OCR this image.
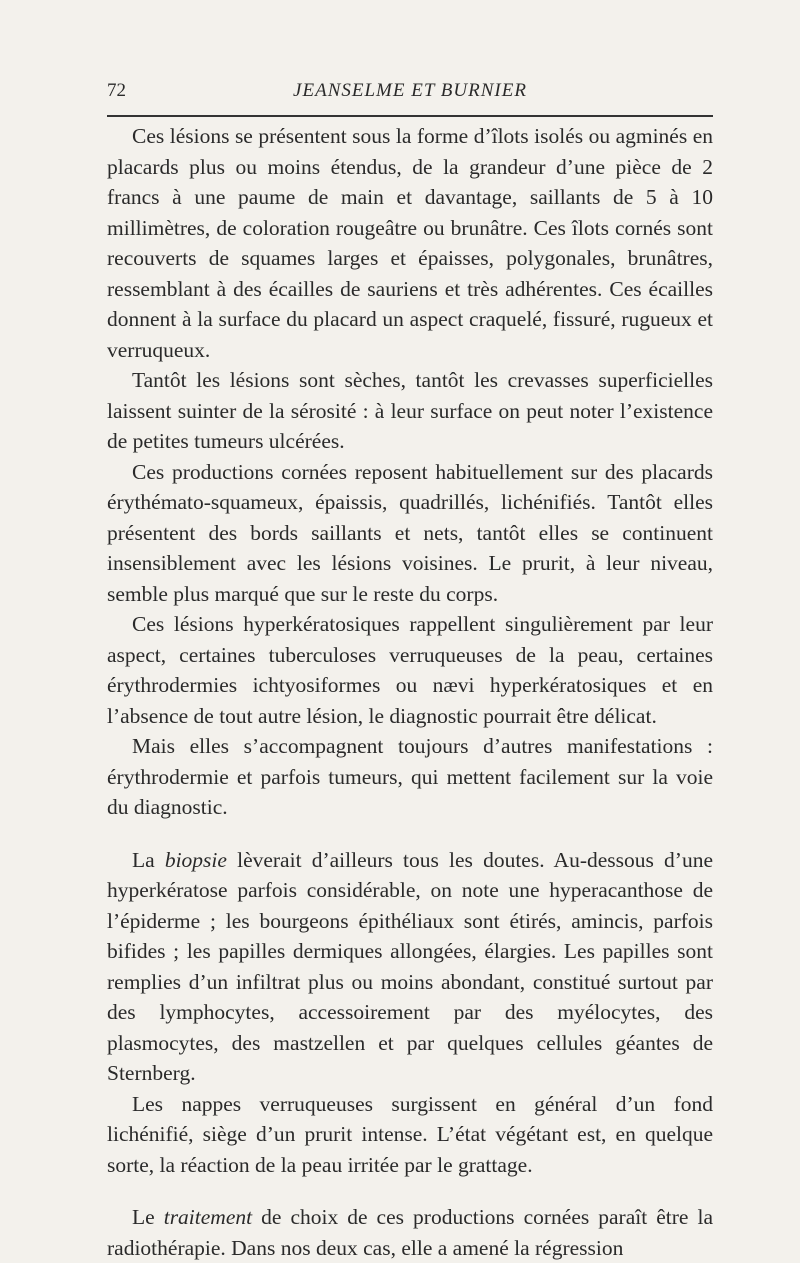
72	JEANSELME ET BURNIER

Ces lésions se présentent sous la forme d’îlots isolés ou agminés en placards plus ou moins étendus, de la grandeur d’une pièce de 2 francs à une paume de main et davantage, saillants de 5 à 10 millimètres, de coloration rougeâtre ou brunâtre. Ces îlots cornés sont recouverts de squames larges et épaisses, polygonales, brunâtres, ressemblant à des écailles de sauriens et très adhérentes. Ces écailles donnent à la surface du placard un aspect craquelé, fissuré, rugueux et verruqueux.

Tantôt les lésions sont sèches, tantôt les crevasses superficielles laissent suinter de la sérosité : à leur surface on peut noter l’existence de petites tumeurs ulcérées.

Ces productions cornées reposent habituellement sur des placards érythémato-squameux, épaissis, quadrillés, lichénifiés. Tantôt elles présentent des bords saillants et nets, tantôt elles se continuent insensiblement avec les lésions voisines. Le prurit, à leur niveau, semble plus marqué que sur le reste du corps.

Ces lésions hyperkératosiques rappellent singulièrement par leur aspect, certaines tuberculoses verruqueuses de la peau, certaines érythrodermies ichtyosiformes ou nævi hyperkératosiques et en l’absence de tout autre lésion, le diagnostic pourrait être délicat.

Mais elles s’accompagnent toujours d’autres manifestations : érythrodermie et parfois tumeurs, qui mettent facilement sur la voie du diagnostic.

La biopsie lèverait d’ailleurs tous les doutes. Au-dessous d’une hyperkératose parfois considérable, on note une hyperacanthose de l’épiderme ; les bourgeons épithéliaux sont étirés, amincis, parfois bifides ; les papilles dermiques allongées, élargies. Les papilles sont remplies d’un infiltrat plus ou moins abondant, constitué surtout par des lymphocytes, accessoirement par des myélocytes, des plasmocytes, des mastzellen et par quelques cellules géantes de Sternberg.

Les nappes verruqueuses surgissent en général d’un fond lichénifié, siège d’un prurit intense. L’état végétant est, en quelque sorte, la réaction de la peau irritée par le grattage.

Le traitement de choix de ces productions cornées paraît être la radiothérapie. Dans nos deux cas, elle a amené la régression
